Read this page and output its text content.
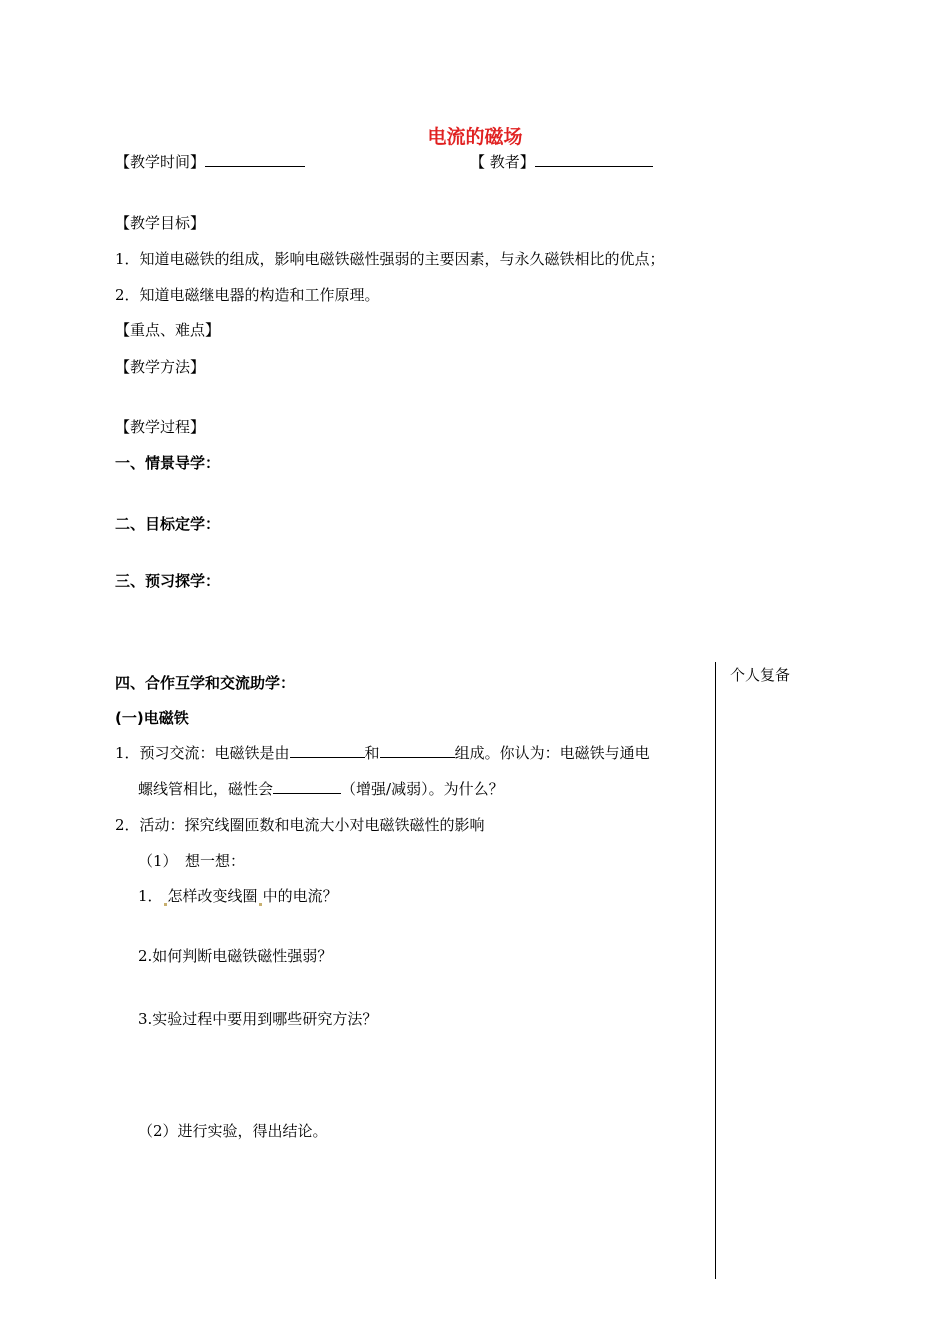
电流的磁场
【教学时间】	【 教者】
【教学目标】
1．知道电磁铁的组成，影响电磁铁磁性强弱的主要因素，与永久磁铁相比的优点；
2．知道电磁继电器的构造和工作原理。
【重点、难点】
【教学方法】
【教学过程】
一、情景导学：
二、目标定学：
三、预习探学：
个人复备
四、合作互学和交流助学：
(一)电磁铁
1．预习交流：电磁铁是由	和	组成。你认为：电磁铁与通电
螺线管相比，磁性会	（增强/减弱）。为什么？
2．活动：探究线圈匝数和电流大小对电磁铁磁性的影响
（1）　想一想：
1． 怎样改变线圈 中的电流？
2.如何判断电磁铁磁性强弱？
3.实验过程中要用到哪些研究方法？
（2）进行实验，得出结论。
